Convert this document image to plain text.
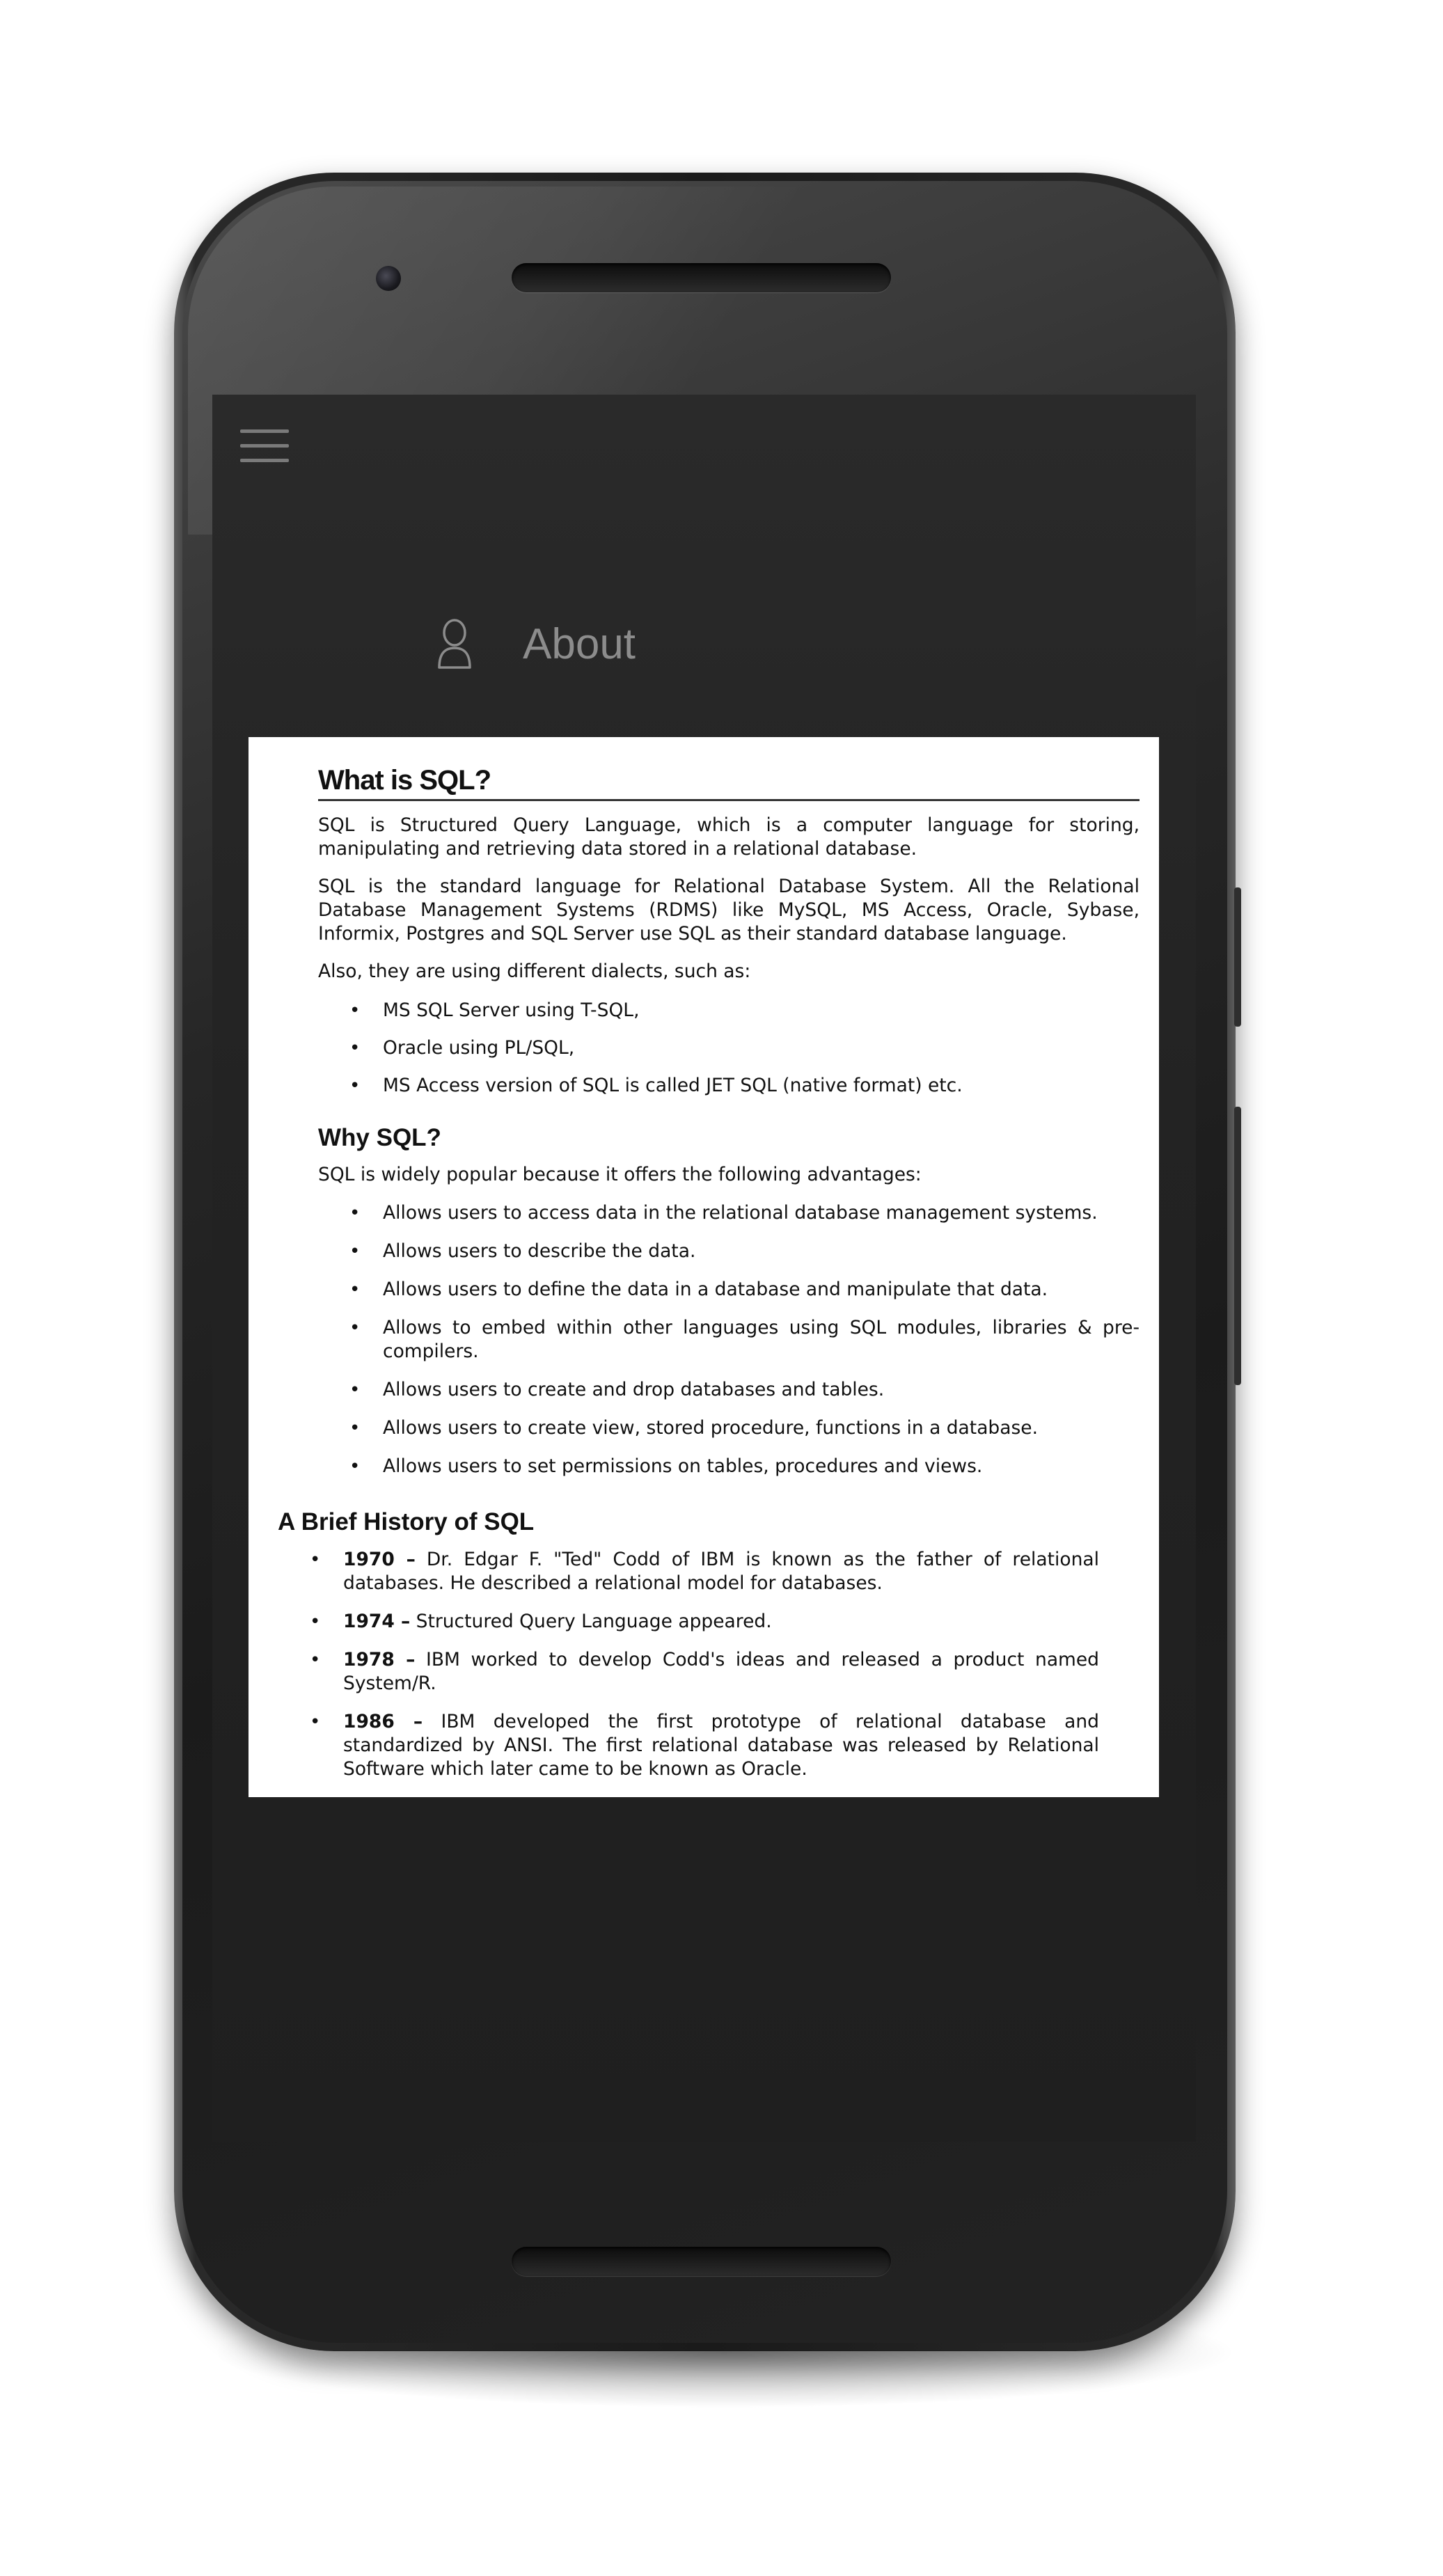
About
What is SQL?

SQL is Structured Query Language, which is a computer language for storing, manipulating and retrieving data stored in a relational database.

SQL is the standard language for Relational Database System. All the Relational Database Management Systems (RDMS) like MySQL, MS Access, Oracle, Sybase, Informix, Postgres and SQL Server use SQL as their standard database language.

Also, they are using different dialects, such as:

• MS SQL Server using T-SQL,
• Oracle using PL/SQL,
• MS Access version of SQL is called JET SQL (native format) etc.
Why SQL?

SQL is widely popular because it offers the following advantages:

• Allows users to access data in the relational database management systems.
• Allows users to describe the data.
• Allows users to define the data in a database and manipulate that data.
• Allows to embed within other languages using SQL modules, libraries & pre-compilers.
• Allows users to create and drop databases and tables.
• Allows users to create view, stored procedure, functions in a database.
• Allows users to set permissions on tables, procedures and views.
A Brief History of SQL
• 1970 – Dr. Edgar F. "Ted" Codd of IBM is known as the father of relational databases. He described a relational model for databases.
• 1974 – Structured Query Language appeared.
• 1978 – IBM worked to develop Codd's ideas and released a product named System/R.
• 1986 – IBM developed the first prototype of relational database and standardized by ANSI. The first relational database was released by Relational Software which later came to be known as Oracle.
